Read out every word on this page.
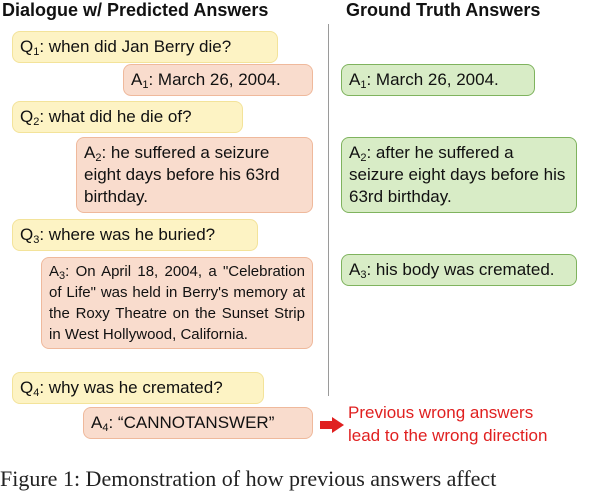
Dialogue w/ Predicted Answers	Ground Truth Answers
$Q_1$: when did Jan Berry die?
$A_1$: March 26, 2004.
$Q_2$: what did he die of?
$A_2$: he suffered a seizure eight days before his 63rd birthday.
$Q_3$: where was he buried?
$A_3$: On April 18, 2004, a "Celebration of Life" was held in Berry's memory at the Roxy Theatre on the Sunset Strip in West Hollywood, California.
$Q_4$: why was he cremated?
$A_4$: “CANNOTANSWER”
$A_1$: March 26, 2004.
$A_2$: after he suffered a seizure eight days before his 63rd birthday.
$A_3$: his body was cremated.
Previous wrong answers
lead to the wrong direction
Figure 1: Demonstration of how previous answers affect
